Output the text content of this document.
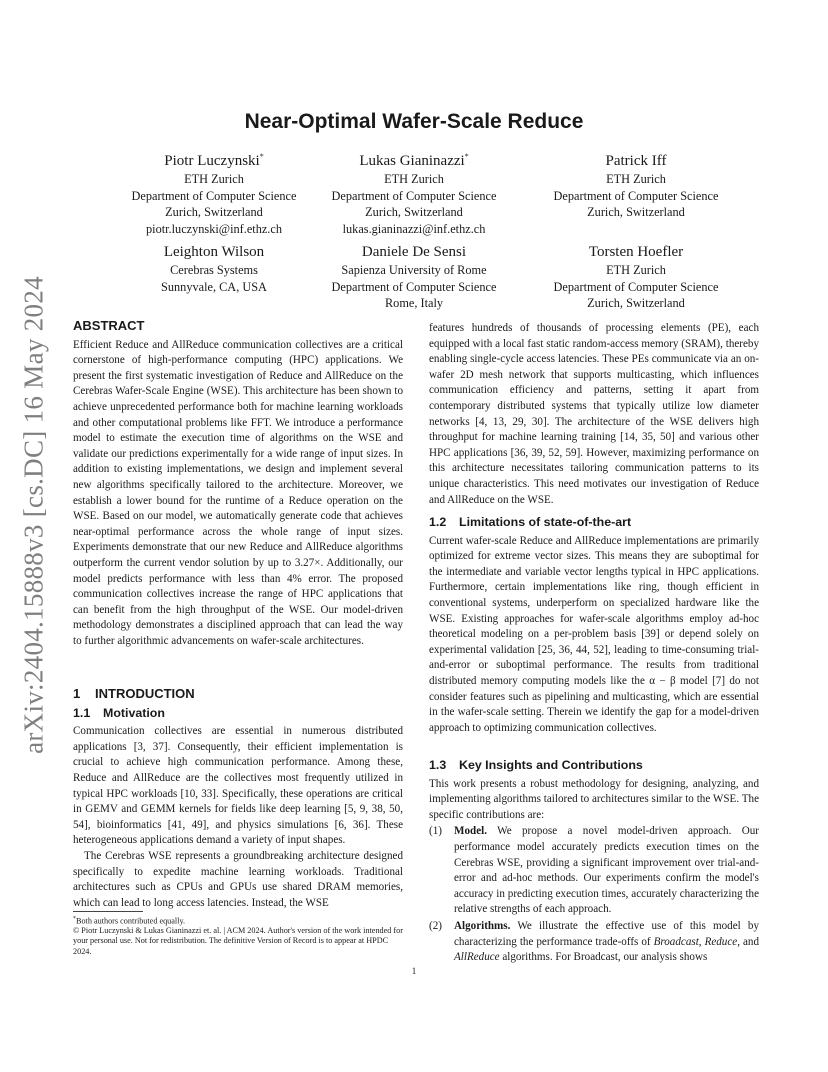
arXiv:2404.15888v3 [cs.DC] 16 May 2024
Near-Optimal Wafer-Scale Reduce
Piotr Luczynski*
ETH Zurich
Department of Computer Science
Zurich, Switzerland
piotr.luczynski@inf.ethz.ch
Lukas Gianinazzi*
ETH Zurich
Department of Computer Science
Zurich, Switzerland
lukas.gianinazzi@inf.ethz.ch
Patrick Iff
ETH Zurich
Department of Computer Science
Zurich, Switzerland
Leighton Wilson
Cerebras Systems
Sunnyvale, CA, USA
Daniele De Sensi
Sapienza University of Rome
Department of Computer Science
Rome, Italy
Torsten Hoefler
ETH Zurich
Department of Computer Science
Zurich, Switzerland
ABSTRACT

Efficient Reduce and AllReduce communication collectives are a critical cornerstone of high-performance computing (HPC) applications. We present the first systematic investigation of Reduce and AllReduce on the Cerebras Wafer-Scale Engine (WSE). This architecture has been shown to achieve unprecedented performance both for machine learning workloads and other computational problems like FFT. We introduce a performance model to estimate the execution time of algorithms on the WSE and validate our predictions experimentally for a wide range of input sizes. In addition to existing implementations, we design and implement several new algorithms specifically tailored to the architecture. Moreover, we establish a lower bound for the runtime of a Reduce operation on the WSE. Based on our model, we automatically generate code that achieves near-optimal performance across the whole range of input sizes. Experiments demonstrate that our new Reduce and AllReduce algorithms outperform the current vendor solution by up to 3.27×. Additionally, our model predicts performance with less than 4% error. The proposed communication collectives increase the range of HPC applications that can benefit from the high throughput of the WSE. Our model-driven methodology demonstrates a disciplined approach that can lead the way to further algorithmic advancements on wafer-scale architectures.

1 INTRODUCTION
1.1 Motivation

Communication collectives are essential in numerous distributed applications [3, 37]. Consequently, their efficient implementation is crucial to achieve high communication performance. Among these, Reduce and AllReduce are the collectives most frequently utilized in typical HPC workloads [10, 33]. Specifically, these operations are critical in GEMV and GEMM kernels for fields like deep learning [5, 9, 38, 50, 54], bioinformatics [41, 49], and physics simulations [6, 36]. These heterogeneous applications demand a variety of input shapes.

The Cerebras WSE represents a groundbreaking architecture designed specifically to expedite machine learning workloads. Traditional architectures such as CPUs and GPUs use shared DRAM memories, which can lead to long access latencies. Instead, the WSE

*Both authors contributed equally.
© Piotr Luczynski & Lukas Gianinazzi et. al. | ACM 2024. Author's version of the work intended for your personal use. Not for redistribution. The definitive Version of Record is to appear at HPDC 2024.

features hundreds of thousands of processing elements (PE), each equipped with a local fast static random-access memory (SRAM), thereby enabling single-cycle access latencies. These PEs communicate via an on-wafer 2D mesh network that supports multicasting, which influences communication efficiency and patterns, setting it apart from contemporary distributed systems that typically utilize low diameter networks [4, 13, 29, 30]. The architecture of the WSE delivers high throughput for machine learning training [14, 35, 50] and various other HPC applications [36, 39, 52, 59]. However, maximizing performance on this architecture necessitates tailoring communication patterns to its unique characteristics. This need motivates our investigation of Reduce and AllReduce on the WSE.

1.2 Limitations of state-of-the-art

Current wafer-scale Reduce and AllReduce implementations are primarily optimized for extreme vector sizes. This means they are suboptimal for the intermediate and variable vector lengths typical in HPC applications. Furthermore, certain implementations like ring, though efficient in conventional systems, underperform on specialized hardware like the WSE. Existing approaches for wafer-scale algorithms employ ad-hoc theoretical modeling on a per-problem basis [39] or depend solely on experimental validation [25, 36, 44, 52], leading to time-consuming trial-and-error or suboptimal performance. The results from traditional distributed memory computing models like the α − β model [7] do not consider features such as pipelining and multicasting, which are essential in the wafer-scale setting. Therein we identify the gap for a model-driven approach to optimizing communication collectives.

1.3 Key Insights and Contributions

This work presents a robust methodology for designing, analyzing, and implementing algorithms tailored to architectures similar to the WSE. The specific contributions are:

(1) Model. We propose a novel model-driven approach. Our performance model accurately predicts execution times on the Cerebras WSE, providing a significant improvement over trial-and-error and ad-hoc methods. Our experiments confirm the model's accuracy in predicting execution times, accurately characterizing the relative strengths of each approach.
(2) Algorithms. We illustrate the effective use of this model by characterizing the performance trade-offs of Broadcast, Reduce, and AllReduce algorithms. For Broadcast, our analysis shows
1
